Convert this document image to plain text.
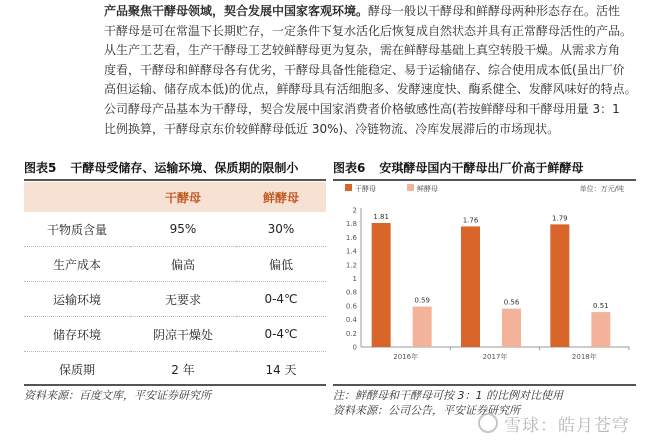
产品聚焦干酵母领域，契合发展中国家客观环境。酵母一般以干酵母和鲜酵母两种形态存在。活性

干酵母是可在常温下长期贮存，一定条件下复水活化后恢复成自然状态并具有正常酵母活性的产品。

从生产工艺看，生产干酵母工艺较鲜酵母更为复杂，需在鲜酵母基础上真空转股干燥。从需求方角

度看，干酵母和鲜酵母各有优劣，干酵母具备性能稳定、易于运输储存、综合使用成本低(虽出厂价

高但运输、储存成本低)的优点，鲜酵母具有活细胞多、发酵速度快、酶系健全、发酵风味好的特点。

公司酵母产品基本为干酵母，契合发展中国家消费者价格敏感性高(若按鲜酵母和干酵母用量 3：1

比例换算，干酵母京东价较鲜酵母低近 30%)、冷链物流、冷库发展滞后的市场现状。

图表5 干酵母受储存、运输环境、保质期的限制小
	干酵母	鲜酵母
干物质含量	95%	30%
生产成本	偏高	偏低
运输环境	无要求	0-4℃
储存环境	阴凉干燥处	0-4℃
保质期	2 年	14 天
资料来源：百度文库，平安证券研究所
图表6 安琪酵母国内干酵母出厂价高于鲜酵母
干酵母	鲜酵母	单位：万元/吨
0
0.2
0.4
0.6
0.8
1
1.2
1.4
1.6
1.8
2
1.81
0.59
2016年
1.76
0.56
2017年
1.79
0.51
2018年
注：鲜酵母和干酵母可按 3：1 的比例对比使用
资料来源：公司公告，平安证券研究所
雪球：皓月苍穹
